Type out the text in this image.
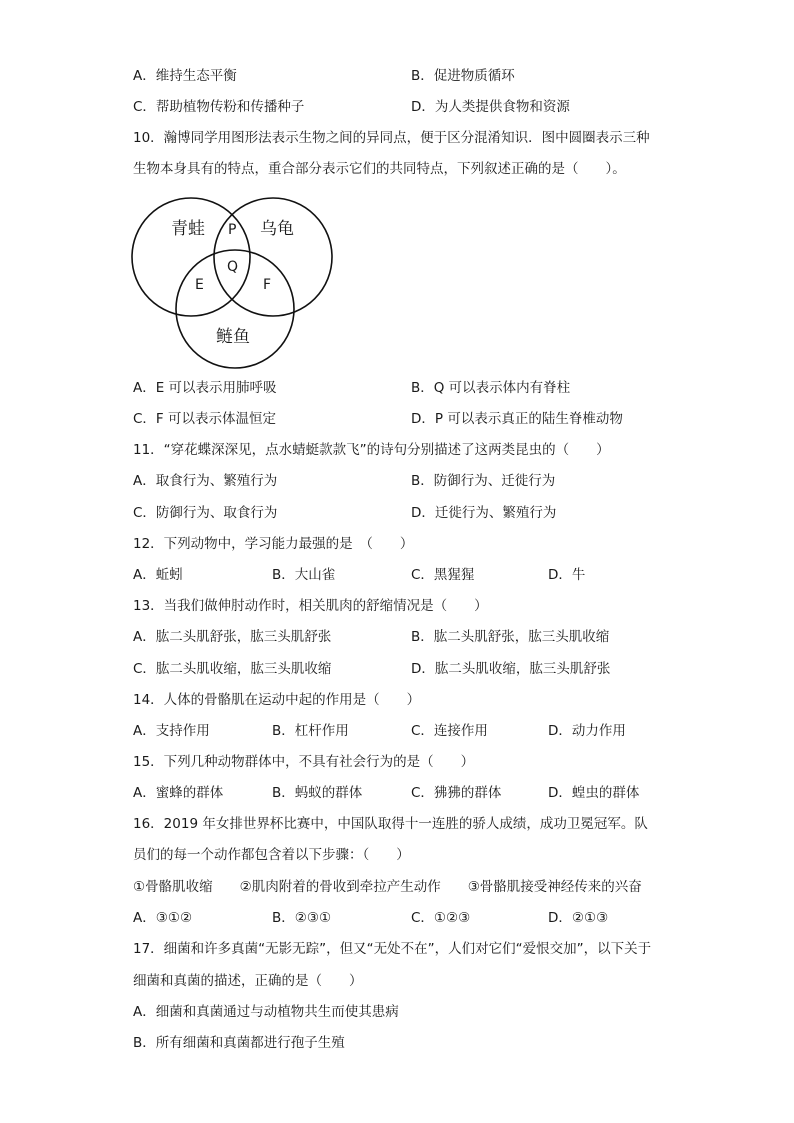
A．维持生态平衡	B．促进物质循环
C．帮助植物传粉和传播种子	D．为人类提供食物和资源
10．瀚博同学用图形法表示生物之间的异同点，便于区分混淆知识．图中圆圈表示三种
生物本身具有的特点，重合部分表示它们的共同特点，下列叙述正确的是（　　）。
青蛙	乌龟
鲢鱼
P
Q
E	F
A．E 可以表示用肺呼吸	B．Q 可以表示体内有脊柱
C．F 可以表示体温恒定	D．P 可以表示真正的陆生脊椎动物
11．“穿花蝶深深见，点水蜻蜓款款飞”的诗句分别描述了这两类昆虫的（　　）
A．取食行为、繁殖行为	B．防御行为、迁徙行为
C．防御行为、取食行为	D．迁徙行为、繁殖行为
12．下列动物中，学习能力最强的是　（　　）
A．蚯蚓	B．大山雀	C．黑猩猩	D．牛
13．当我们做伸肘动作时，相关肌肉的舒缩情况是（　　）
A．肱二头肌舒张，肱三头肌舒张	B．肱二头肌舒张，肱三头肌收缩
C．肱二头肌收缩，肱三头肌收缩	D．肱二头肌收缩，肱三头肌舒张
14．人体的骨骼肌在运动中起的作用是（　　）
A．支持作用	B．杠杆作用	C．连接作用	D．动力作用
15．下列几种动物群体中，不具有社会行为的是（　　）
A．蜜蜂的群体	B．蚂蚁的群体	C．狒狒的群体	D．蝗虫的群体
16．2019 年女排世界杯比赛中，中国队取得十一连胜的骄人成绩，成功卫冕冠军。队
员们的每一个动作都包含着以下步骤：（　　）
①骨骼肌收缩　　②肌肉附着的骨收到牵拉产生动作　　③骨骼肌接受神经传来的兴奋
A．③①②	B．②③①	C．①②③	D．②①③
17．细菌和许多真菌“无影无踪”，但又“无处不在”，人们对它们“爱恨交加”，以下关于
细菌和真菌的描述，正确的是（　　）
A．细菌和真菌通过与动植物共生而使其患病
B．所有细菌和真菌都进行孢子生殖
